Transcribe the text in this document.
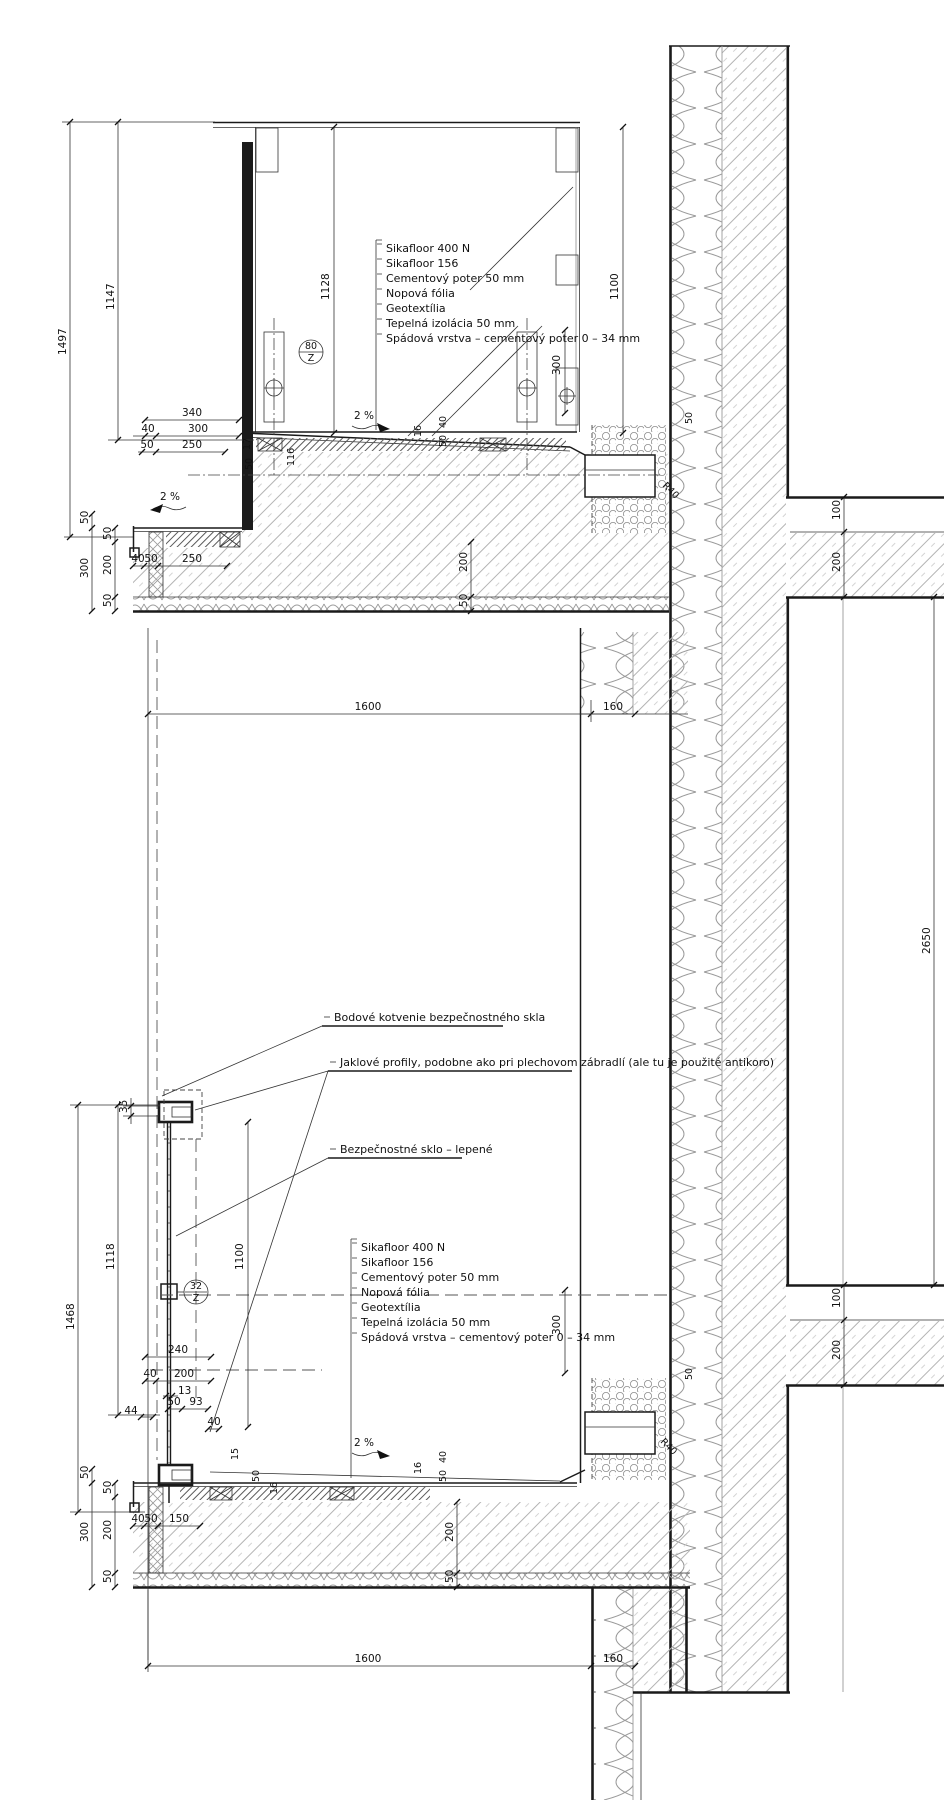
Sikafloor 400 N
Sikafloor 156
Cementový poter 50 mm
Nopová fólia
Geotextília
Tepelná izolácia 50 mm
Spádová vrstva – cementový poter 0 – 34 mm
80
Z
2 %
2 %
1497
1147	1128	1100
340
40	300
50	250
40 50 250
50
300
50
200
50
200
50
17
50	116
16
40
50
300
50
R40
1600	160
Bodové kotvenie bezpečnostného skla
Jaklové profily, podobne ako pri plechovom zábradlí (ale tu je použité antikoro)
Bezpečnostné sklo – lepené
32
Z
Sikafloor 400 N
Sikafloor 156
Cementový poter 50 mm
Nopová fólia
Geotextília
Tepelná izolácia 50 mm
Spádová vrstva – cementový poter 0 – 34 mm
2 %
1468
1118	1100
35
240
40 200
13
44
50 93
40
40 50 150
50
300
50
200
50
200
50
15
50
16
16
40
50
300
50
R40
1600	160
100
200
100
200
2650
